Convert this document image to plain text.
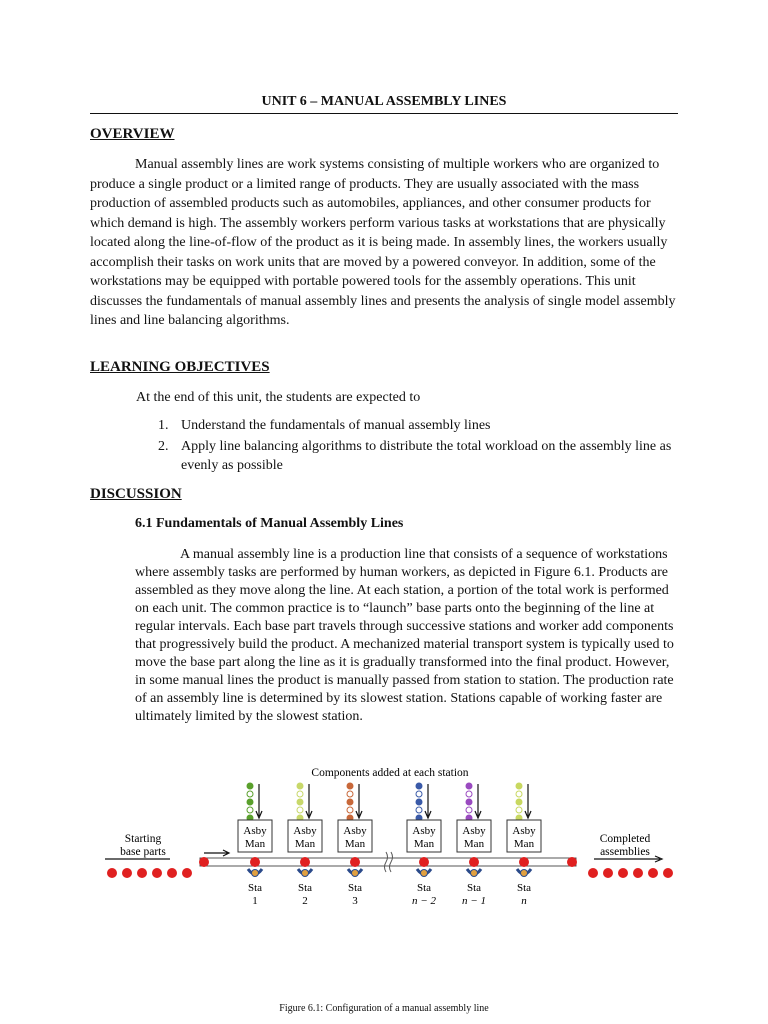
UNIT 6 – MANUAL ASSEMBLY LINES
OVERVIEW

Manual assembly lines are work systems consisting of multiple workers who are organized to produce a single product or a limited range of products. They are usually associated with the mass production of assembled products such as automobiles, appliances, and other consumer products for which demand is high. The assembly workers perform various tasks at workstations that are physically located along the line-of-flow of the product as it is being made. In assembly lines, the workers usually accomplish their tasks on work units that are moved by a powered conveyor. In addition, some of the workstations may be equipped with portable powered tools for the assembly operations. This unit discusses the fundamentals of manual assembly lines and presents the analysis of single model assembly lines and line balancing algorithms.

LEARNING OBJECTIVES

At the end of this unit, the students are expected to

1. Understand the fundamentals of manual assembly lines
2. Apply line balancing algorithms to distribute the total workload on the assembly line as evenly as possible
DISCUSSION
6.1 Fundamentals of Manual Assembly Lines

A manual assembly line is a production line that consists of a sequence of workstations where assembly tasks are performed by human workers, as depicted in Figure 6.1. Products are assembled as they move along the line. At each station, a portion of the total work is performed on each unit. The common practice is to “launch” base parts onto the beginning of the line at regular intervals. Each base part travels through successive stations and worker add components that progressively build the product. A mechanized material transport system is typically used to move the base part along the line as it is gradually transformed into the final product. However, in some manual lines the product is manually passed from station to station. The production rate of an assembly line is determined by its slowest station. Stations capable of working faster are ultimately limited by the slowest station.

Components added at each station
Starting
base parts
Completed
assemblies
Asby
Man
Sta
1
Asby
Man
Sta
2
Asby
Man
Sta
3
Asby
Man
Sta
n − 2
Asby
Man
Sta
n − 1
Asby
Man
Sta
n
Figure 6.1: Configuration of a manual assembly line
